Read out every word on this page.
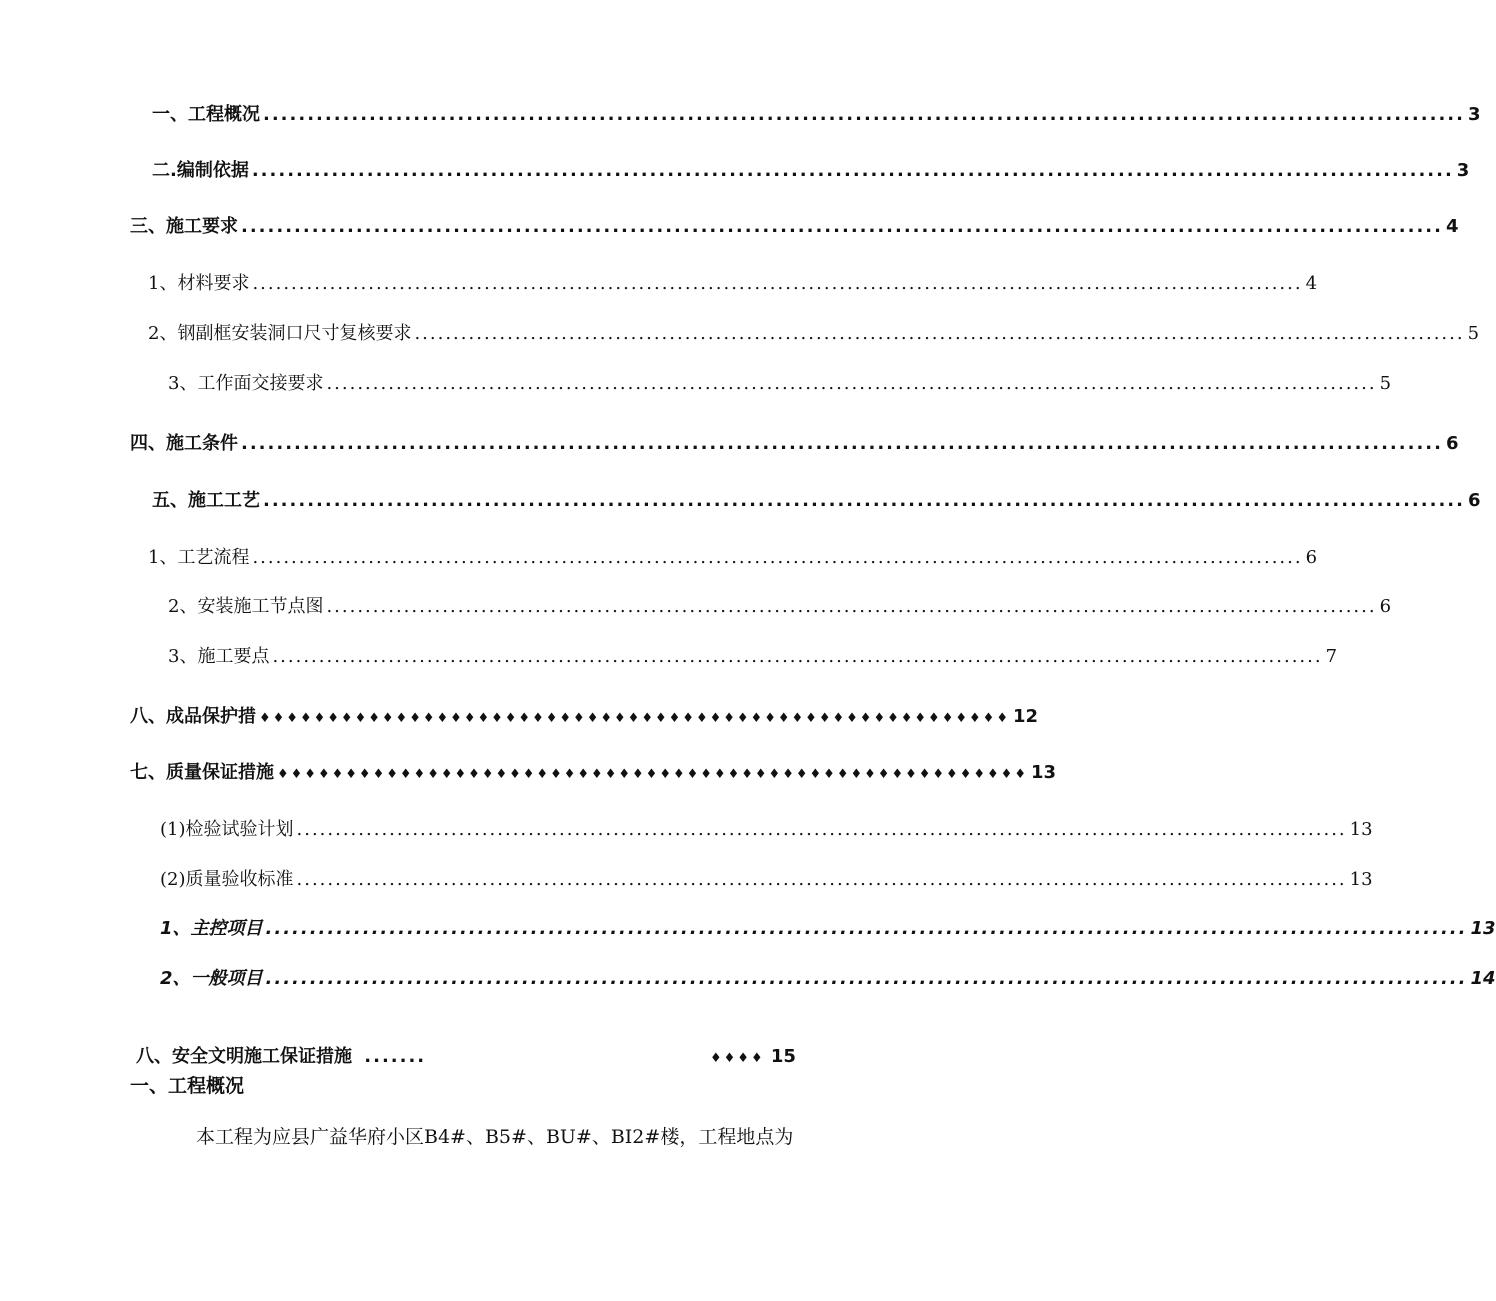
一、工程概况 ........................................................................................................................................ 3
二.编制依据 ........................................................................................................................................ 3
三、施工要求 ........................................................................................................................................ 4
1、材料要求 ........................................................................................................................................ 4
2、钢副框安装洞口尺寸复核要求 ........................................................................................................................................ 5
3、工作面交接要求 ........................................................................................................................................ 5
四、施工条件 ........................................................................................................................................ 6
五、施工工艺 ........................................................................................................................................ 6
1、工艺流程 ........................................................................................................................................ 6
2、安装施工节点图 ........................................................................................................................................ 6
3、施工要点 ........................................................................................................................................ 7
八、成品保护措 ♦♦♦♦♦♦♦♦♦♦♦♦♦♦♦♦♦♦♦♦♦♦♦♦♦♦♦♦♦♦♦♦♦♦♦♦♦♦♦♦♦♦♦♦♦♦♦♦♦♦♦♦♦♦♦ 12
七、质量保证措施 ♦♦♦♦♦♦♦♦♦♦♦♦♦♦♦♦♦♦♦♦♦♦♦♦♦♦♦♦♦♦♦♦♦♦♦♦♦♦♦♦♦♦♦♦♦♦♦♦♦♦♦♦♦♦♦ 13
(1)检验试验计划 ........................................................................................................................................ 13
(2)质量验收标准 ........................................................................................................................................ 13
1、主控项目 ........................................................................................................................................ 13
2、一般项目 ........................................................................................................................................ 14
八、安全文明施工保证措施 .......	♦♦♦♦ 15
一、工程概况
本工程为应县广益华府小区B4#、B5#、BU#、BI2#楼，工程地点为
